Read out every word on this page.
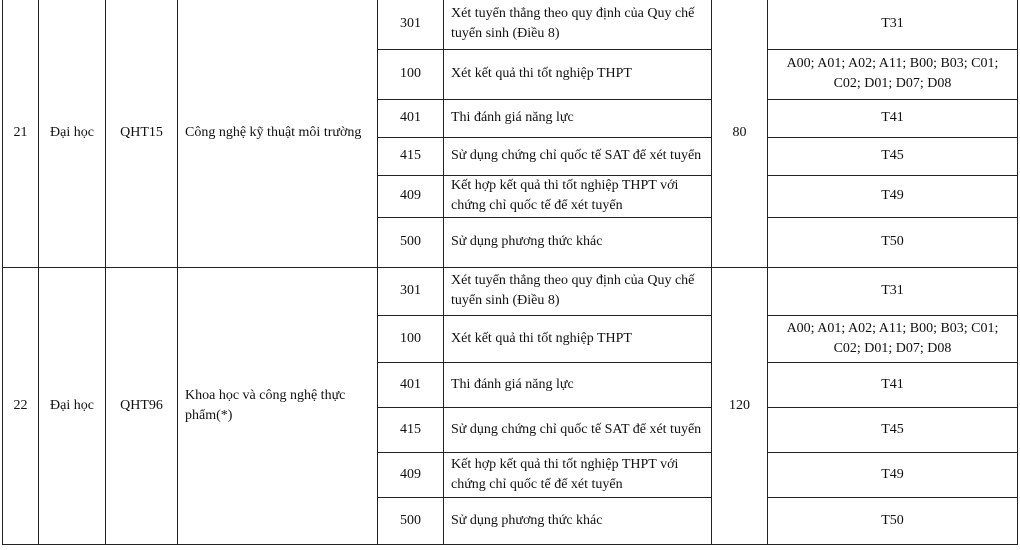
21	Đại học	QHT15	Công nghệ kỹ thuật môi trường	301	Xét tuyển thẳng theo quy định của Quy chế tuyển sinh (Điều 8)	80	T31
				100	Xét kết quả thi tốt nghiệp THPT		A00; A01; A02; A11; B00; B03; C01; C02; D01; D07; D08
				401	Thi đánh giá năng lực		T41
				415	Sử dụng chứng chỉ quốc tế SAT để xét tuyển		T45
				409	Kết hợp kết quả thi tốt nghiệp THPT với chứng chỉ quốc tế để xét tuyển		T49
				500	Sử dụng phương thức khác		T50
22	Đại học	QHT96	Khoa học và công nghệ thực phẩm(*)	301	Xét tuyển thẳng theo quy định của Quy chế tuyển sinh (Điều 8)	120	T31
				100	Xét kết quả thi tốt nghiệp THPT		A00; A01; A02; A11; B00; B03; C01; C02; D01; D07; D08
				401	Thi đánh giá năng lực		T41
				415	Sử dụng chứng chỉ quốc tế SAT để xét tuyển		T45
				409	Kết hợp kết quả thi tốt nghiệp THPT với chứng chỉ quốc tế để xét tuyển		T49
				500	Sử dụng phương thức khác		T50
